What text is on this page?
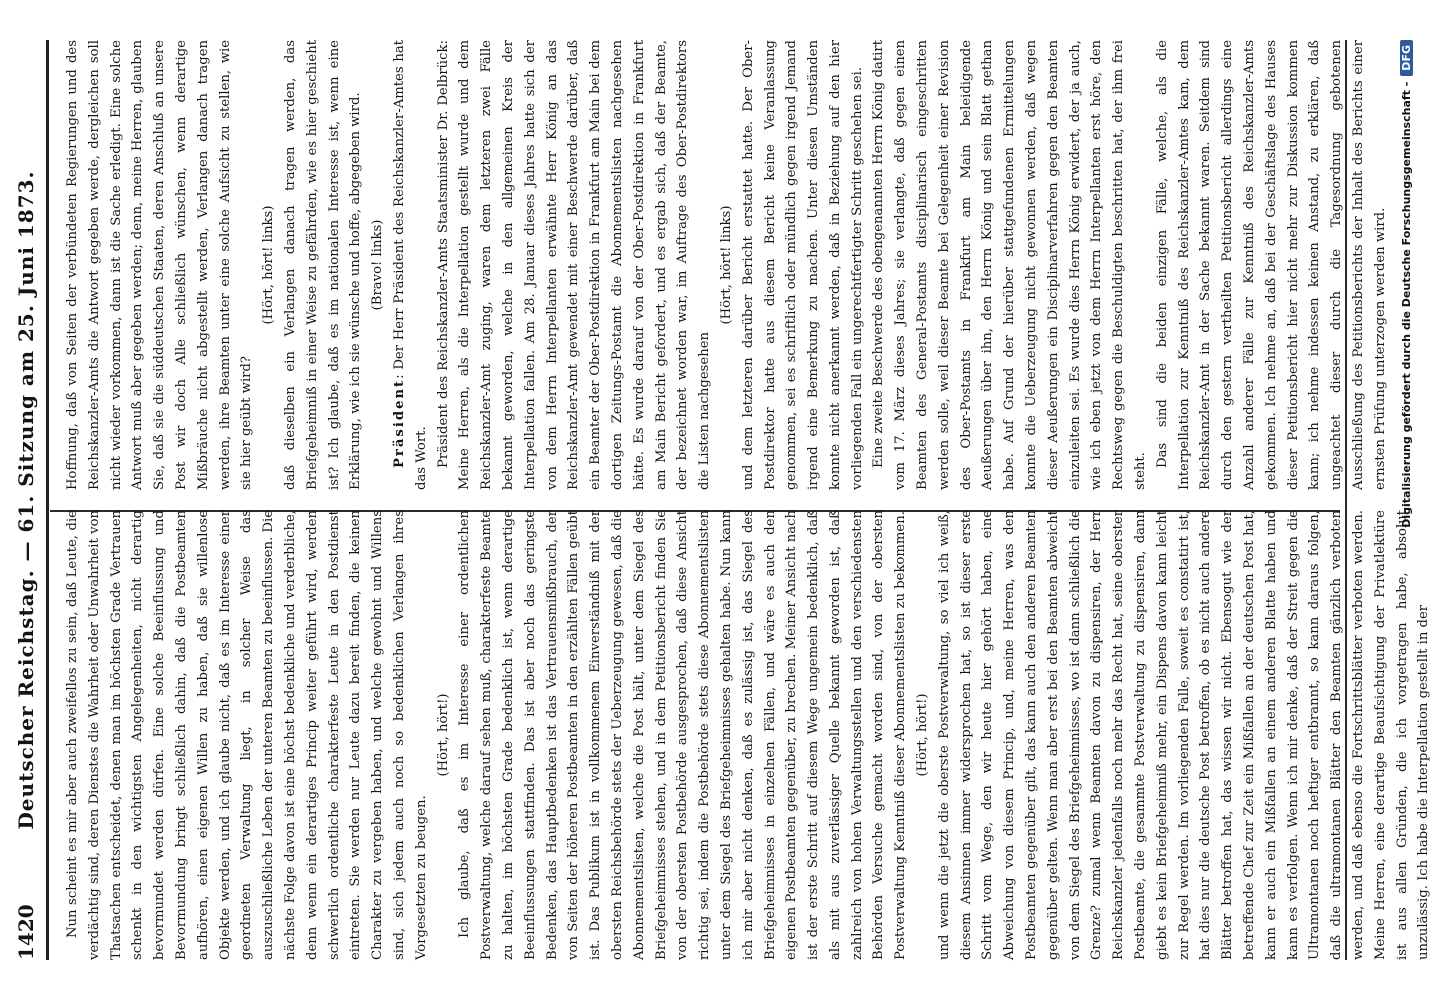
1420
Deutscher Reichstag. — 61. Sitzung am 25. Juni 1873. Nun scheint es mir aber auch zweifellos zu sein, daß Leute, die verdächtig sind, deren Dienstes die Wahrheit oder Unwahrheit von Thatsachen entscheidet, denen man im höchsten Grade Vertrauen schenkt in den wichtigsten Angelegenheiten, nicht derartig bevormundet werden dürfen. Eine solche Beeinflussung und Bevormundung bringt schließlich dahin, daß die Postbeamten aufhören, einen eigenen Willen zu haben, daß sie willenlose Objekte werden, und ich glaube nicht, daß es im Interesse einer geordneten Verwaltung liegt, in solcher Weise das auszuschließliche Leben der unteren Beamten zu beeinflussen. Die nächste Folge davon ist eine höchst bedenkliche und verderbliche, denn wenn ein derartiges Princip weiter geführt wird, werden schwerlich ordentliche charakterfeste Leute in den Postdienst eintreten. Sie werden nur Leute dazu bereit finden, die keinen Charakter zu vergeben haben, und welche gewohnt und Willens sind, sich jedem auch noch so bedenklichen Verlangen ihres Vorgesetzten zu beugen.

(Hört, hört!) Ich glaube, daß es im Interesse einer ordentlichen Postverwaltung, welche darauf sehen muß, charakterfeste Beamte zu halten, im höchsten Grade bedenklich ist, wenn derartige Beeinflussungen stattfinden. Das ist aber noch das geringste Bedenken, das Hauptbedenken ist das Vertrauensmißbrauch, der von Seiten der höheren Postbeamten in den erzählten Fällen geübt ist. Das Publikum ist in vollkommenem Einverständniß mit der obersten Reichsbehörde stets der Ueberzeugung gewesen, daß die Abonnementslisten, welche die Post hält, unter dem Siegel des Briefgeheimnisses stehen, und in dem Petitionsbericht finden Sie von der obersten Postbehörde ausgesprochen, daß diese Ansicht richtig sei, indem die Postbehörde stets diese Abonnementslisten unter dem Siegel des Briefgeheimnisses gehalten habe. Nun kann ich mir aber nicht denken, daß es zulässig ist, das Siegel des Briefgeheimnisses in einzelnen Fällen, und wäre es auch den eigenen Postbeamten gegenüber, zu brechen. Meiner Ansicht nach ist der erste Schritt auf diesem Wege ungemein bedenklich, daß als mit aus zuverlässiger Quelle bekannt geworden ist, daß zahlreich von hohen Verwaltungsstellen und den verschiedensten Behörden Versuche gemacht worden sind, von der obersten Postverwaltung Kenntniß dieser Abonnementslisten zu bekommen. (Hört, hört!) und wenn die jetzt die oberste Postverwaltung, so viel ich weiß, diesem Ansinnen immer widersprochen hat, so ist dieser erste Schritt vom Wege, den wir heute hier gehört haben, eine Abweichung von diesem Princip, und, meine Herren, was den Postbeamten gegenüber gilt, das kann auch den anderen Beamten gegenüber gelten. Wenn man aber erst bei den Beamten abweicht von dem Siegel des Briefgeheimnisses, wo ist dann schließlich die Grenze? zumal wenn Beamten davon zu dispensiren, der Herr Reichskanzler jedenfalls noch mehr das Recht hat, seine oberster Postbeamte, die gesammte Postverwaltung zu dispensiren, dann giebt es kein Briefgeheimniß mehr, ein Dispens davon kann leicht zur Regel werden. Im vorliegenden Falle, soweit es constatirt ist, hat dies nur die deutsche Post betroffen, ob es nicht auch andere Blätter betroffen hat, das wissen wir nicht. Ebensogut wie der betreffende Chef zur Zeit ein Mißfallen an der deutschen Post hat, kann er auch ein Mißfallen an einem anderen Blatte haben und kann es verfolgen. Wenn ich mir denke, daß der Streit gegen die Ultramontanen noch heftiger entbrannt, so kann daraus folgen, daß die ultramontanen Blätter den Beamten gänzlich verboten werden, und daß ebenso die Fortschrittsblätter verboten werden. Meine Herren, eine derartige Beaufsichtigung der Privatlektüre ist aus allen Gründen, die ich vorgetragen habe, absolut unzulässig. Ich habe die Interpellation gestellt in der

Hoffnung, daß von Seiten der verbündeten Regierungen und des Reichskanzler-Amts die Antwort gegeben werde, dergleichen soll nicht wieder vorkommen, dann ist die Sache erledigt. Eine solche Antwort muß aber gegeben werden; denn, meine Herren, glauben Sie, daß sie die süddeutschen Staaten, deren Anschluß an unsere Post wir doch Alle schließlich wünschen, wenn derartige Mißbräuche nicht abgestellt werden, Verlangen danach tragen werden, ihre Beamten unter eine solche Aufsicht zu stellen, wie sie hier geübt wird?

(Hört, hört! links) daß dieselben ein Verlangen danach tragen werden, das Briefgeheimniß in einer Weise zu gefährden, wie es hier geschieht ist? Ich glaube, daß es im nationalen Interesse ist, wenn eine Erklärung, wie ich sie wünsche und hoffe, abgegeben wird. (Bravo! links)

Präsident: Der Herr Präsident des Reichskanzler-Amtes hat das Wort. Präsident des Reichskanzler-Amts Staatsminister Dr. Delbrück: Meine Herren, als die Interpellation gestellt wurde und dem Reichskanzler-Amt zuging, waren dem letzteren zwei Fälle bekannt geworden, welche in den allgemeinen Kreis der Interpellation fallen. Am 28. Januar dieses Jahres hatte sich der von dem Herrn Interpellanten erwähnte Herr König an das Reichskanzler-Amt gewendet mit einer Beschwerde darüber, daß ein Beamter der Ober-Postdirektion in Frankfurt am Main bei dem dortigen Zeitungs-Postamt die Abonnementslisten nachgesehen hätte. Es wurde darauf von der Ober-Postdirektion in Frankfurt am Main Bericht gefordert, und es ergab sich, daß der Beamte, der bezeichnet worden war, im Auftrage des Ober-Postdirektors die Listen nachgesehen

(Hört, hört! links) und dem letzteren darüber Bericht erstattet hatte. Der Ober-Postdirektor hatte aus diesem Bericht keine Veranlassung genommen, sei es schriftlich oder mündlich gegen irgend Jemand irgend eine Bemerkung zu machen. Unter diesen Umständen konnte nicht anerkannt werden, daß in Beziehung auf den hier vorliegenden Fall ein ungerechtfertigter Schritt geschehen sei. Eine zweite Beschwerde des obengenannten Herrn König datirt vom 17. März dieses Jahres; sie verlangte, daß gegen einen Beamten des General-Postamts disciplinarisch eingeschritten werden solle, weil dieser Beamte bei Gelegenheit einer Revision des Ober-Postamts in Frankfurt am Main beleidigende Aeußerungen über ihn, den Herrn König und sein Blatt gethan habe. Auf Grund der hierüber stattgefundenen Ermittelungen konnte die Ueberzeugung nicht gewonnen werden, daß wegen dieser Aeußerungen ein Disciplinarverfahren gegen den Beamten einzuleiten sei. Es wurde dies Herrn König erwidert, der ja auch, wie ich eben jetzt von dem Herrn Interpellanten erst höre, den Rechtsweg gegen die Beschuldigten beschritten hat, der ihm frei steht.

Das sind die beiden einzigen Fälle, welche, als die Interpellation zur Kenntniß des Reichskanzler-Amtes kam, dem Reichskanzler-Amt in der Sache bekannt waren. Seitdem sind durch den gestern vertheilten Petitionsbericht allerdings eine Anzahl anderer Fälle zur Kenntniß des Reichskanzler-Amts gekommen. Ich nehme an, daß bei der Geschäftslage des Hauses dieser Petitionsbericht hier nicht mehr zur Diskussion kommen kann; ich nehme indessen keinen Anstand, zu erklären, daß ungeachtet dieser durch die Tagesordnung gebotenen Ausschließung des Petitionsberichts der Inhalt des Berichts einer ernsten Prüfung unterzogen werden wird.	Digitalisierung gefördert durch die Deutsche Forschungsgemeinschaft -DFG
